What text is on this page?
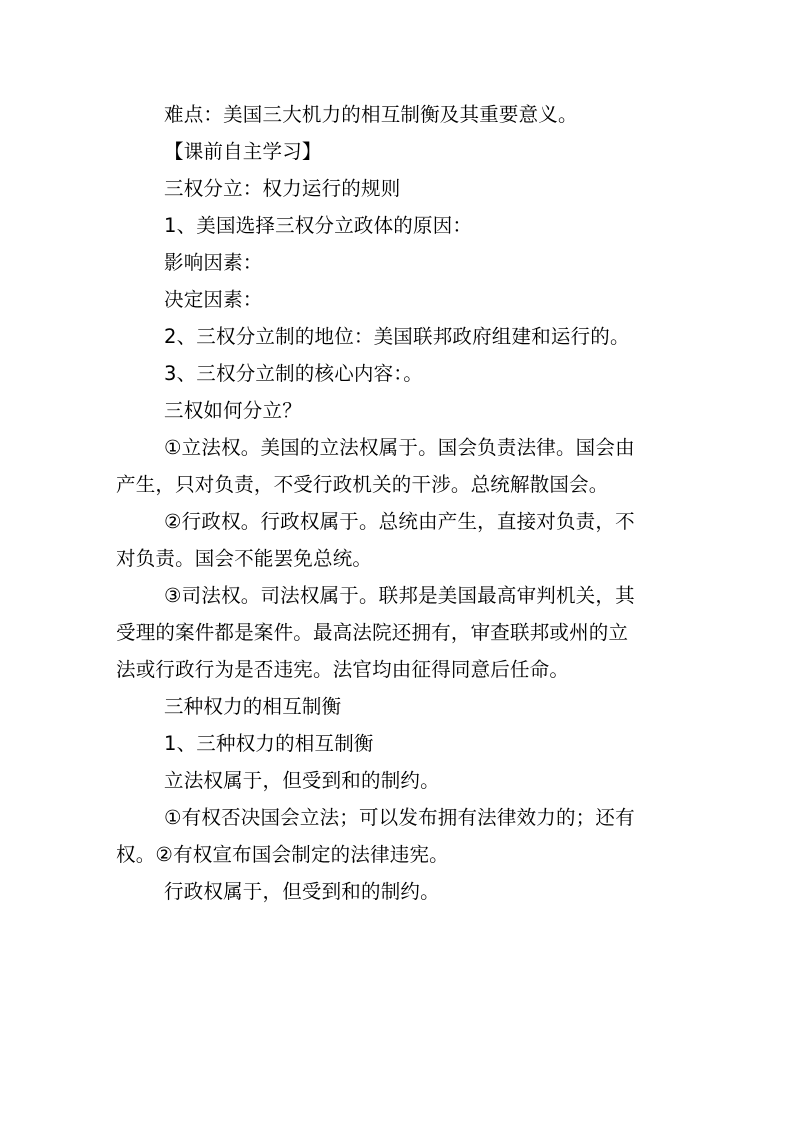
难点：美国三大机力的相互制衡及其重要意义。

【课前自主学习】

三权分立：权力运行的规则

1、美国选择三权分立政体的原因：

影响因素：

决定因素：

2、三权分立制的地位：美国联邦政府组建和运行的。

3、三权分立制的核心内容：。

三权如何分立？

①立法权。美国的立法权属于。国会负责法律。国会由

产生，只对负责，不受行政机关的干涉。总统解散国会。

②行政权。行政权属于。总统由产生，直接对负责，不

对负责。国会不能罢免总统。

③司法权。司法权属于。联邦是美国最高审判机关，其

受理的案件都是案件。最高法院还拥有，审查联邦或州的立

法或行政行为是否违宪。法官均由征得同意后任命。

三种权力的相互制衡

1、三种权力的相互制衡

立法权属于，但受到和的制约。

①有权否决国会立法；可以发布拥有法律效力的；还有

权。②有权宣布国会制定的法律违宪。

行政权属于，但受到和的制约。
